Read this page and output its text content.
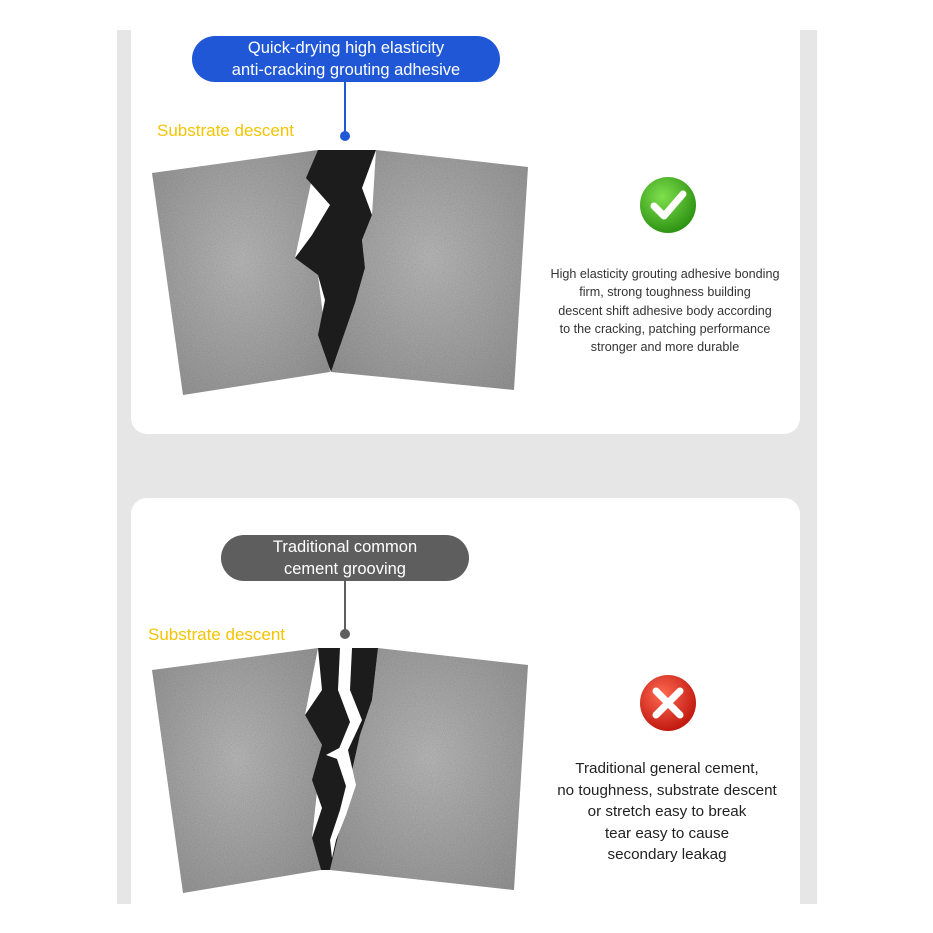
Quick-drying high elasticity
anti-cracking grouting adhesive
Substrate descent
High elasticity grouting adhesive bonding
firm, strong toughness building
descent shift adhesive body according
to the cracking, patching performance
stronger and more durable
Traditional common
cement grooving
Substrate descent
Traditional general cement,
no toughness, substrate descent
or stretch easy to break
tear easy to cause
secondary leakag
